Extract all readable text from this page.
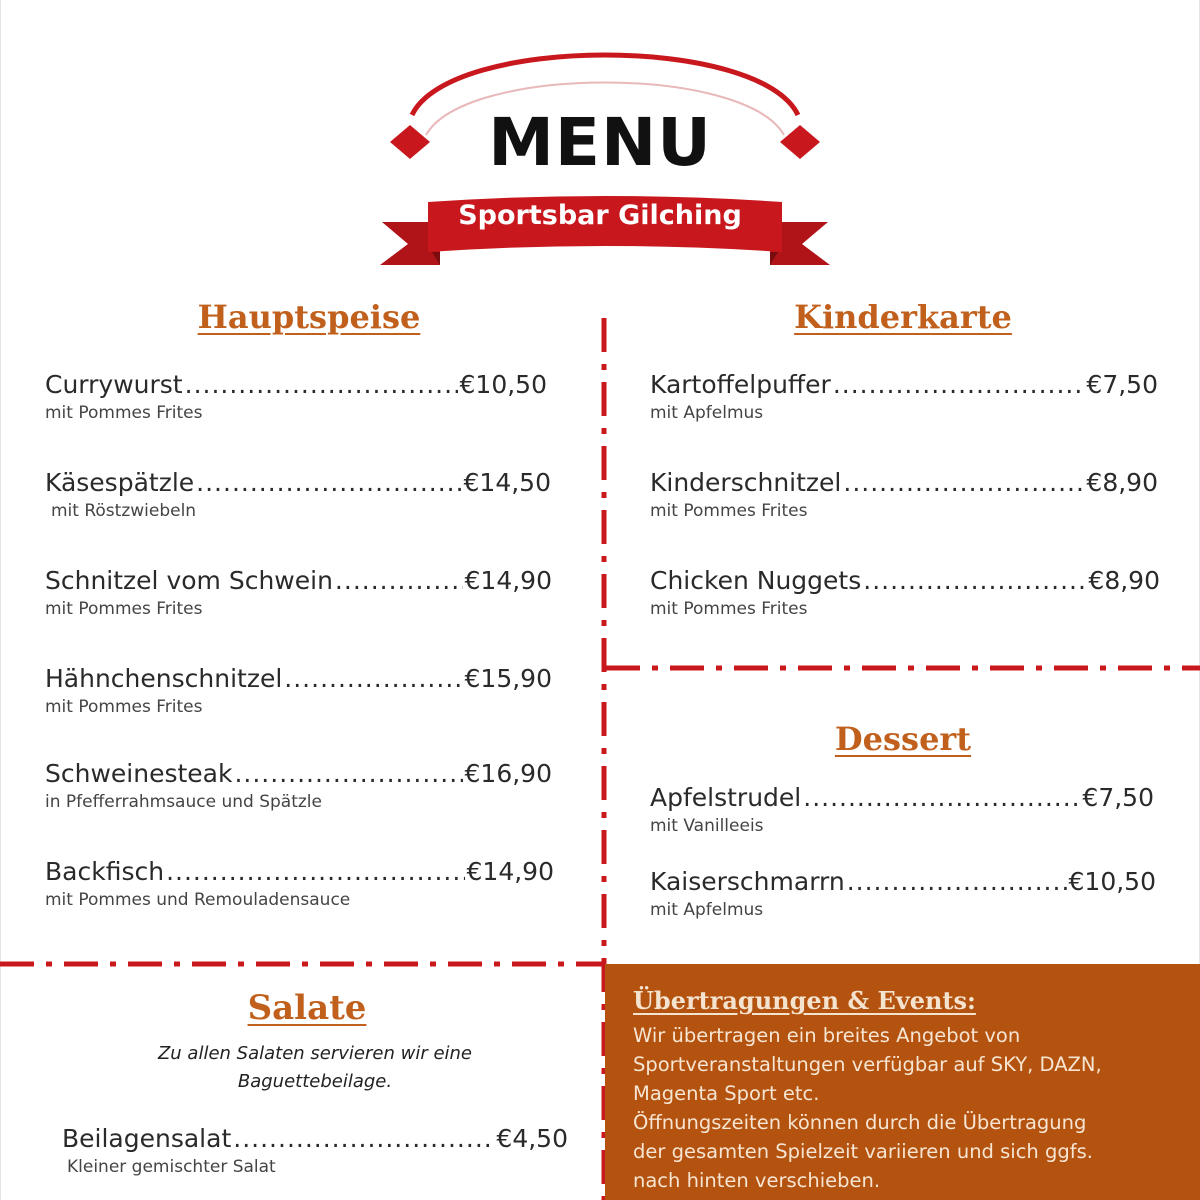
MENU
Sportsbar Gilching
Hauptspeise
Currywurst .....	€10,50
mit Pommes Frites
Käsespätzle .....	€14,50
mit Röstzwiebeln
Schnitzel vom Schwein .....	€14,90
mit Pommes Frites
Hähnchenschnitzel .....	€15,90
mit Pommes Frites
Schweinesteak .....	€16,90
in Pfefferrahmsauce und Spätzle
Backfisch .....	€14,90
mit Pommes und Remouladensauce
Kinderkarte
Kartoffelpuffer .....	€7,50
mit Apfelmus
Kinderschnitzel .....	€8,90
mit Pommes Frites
Chicken Nuggets .....	€8,90
mit Pommes Frites
Dessert
Apfelstrudel .....	€7,50
mit Vanilleeis
Kaiserschmarrn .....	€10,50
mit Apfelmus
Salate
Zu allen Salaten servieren wir eine
Baguettebeilage.
Beilagensalat .....	€4,50
Kleiner gemischter Salat
Übertragungen & Events:

Wir übertragen ein breites Angebot von

Sportveranstaltungen verfügbar auf SKY, DAZN,

Magenta Sport etc.

Öffnungszeiten können durch die Übertragung

der gesamten Spielzeit variieren und sich ggfs.

nach hinten verschieben.
